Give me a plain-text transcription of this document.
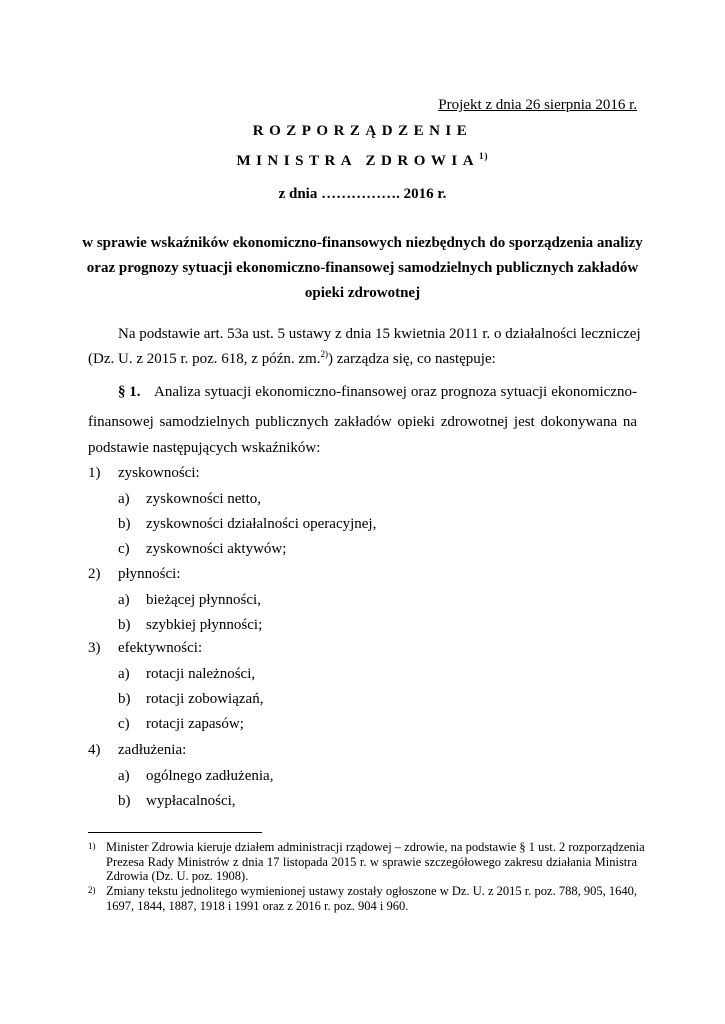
Projekt z dnia 26 sierpnia 2016 r.
ROZPORZĄDZENIE
MINISTRA ZDROWIA$^{1)}$
z dnia ……………. 2016 r.
w sprawie wskaźników ekonomiczno-finansowych niezbędnych do sporządzenia analizy
oraz prognozy sytuacji ekonomiczno-finansowej samodzielnych publicznych zakładów
opieki zdrowotnej
Na podstawie art. 53a ust. 5 ustawy z dnia 15 kwietnia 2011 r. o działalności leczniczej
(Dz. U. z 2015 r. poz. 618, z późn. zm.$^{2)}$) zarządza się, co następuje:
§ 1. Analiza sytuacji ekonomiczno-finansowej oraz prognoza sytuacji ekonomiczno-
finansowej samodzielnych publicznych zakładów opieki zdrowotnej jest dokonywana na
podstawie następujących wskaźników:
1) zyskowności:
a) zyskowności netto,
b) zyskowności działalności operacyjnej,
c) zyskowności aktywów;
2) płynności:
a) bieżącej płynności,
b) szybkiej płynności;
3) efektywności:
a) rotacji należności,
b) rotacji zobowiązań,
c) rotacji zapasów;
4) zadłużenia:
a) ogólnego zadłużenia,
b) wypłacalności,
1) Minister Zdrowia kieruje działem administracji rządowej – zdrowie, na podstawie § 1 ust. 2 rozporządzenia
Prezesa Rady Ministrów z dnia 17 listopada 2015 r. w sprawie szczegółowego zakresu działania Ministra
Zdrowia (Dz. U. poz. 1908).
2) Zmiany tekstu jednolitego wymienionej ustawy zostały ogłoszone w Dz. U. z 2015 r. poz. 788, 905, 1640,
1697, 1844, 1887, 1918 i 1991 oraz z 2016 r. poz. 904 i 960.
